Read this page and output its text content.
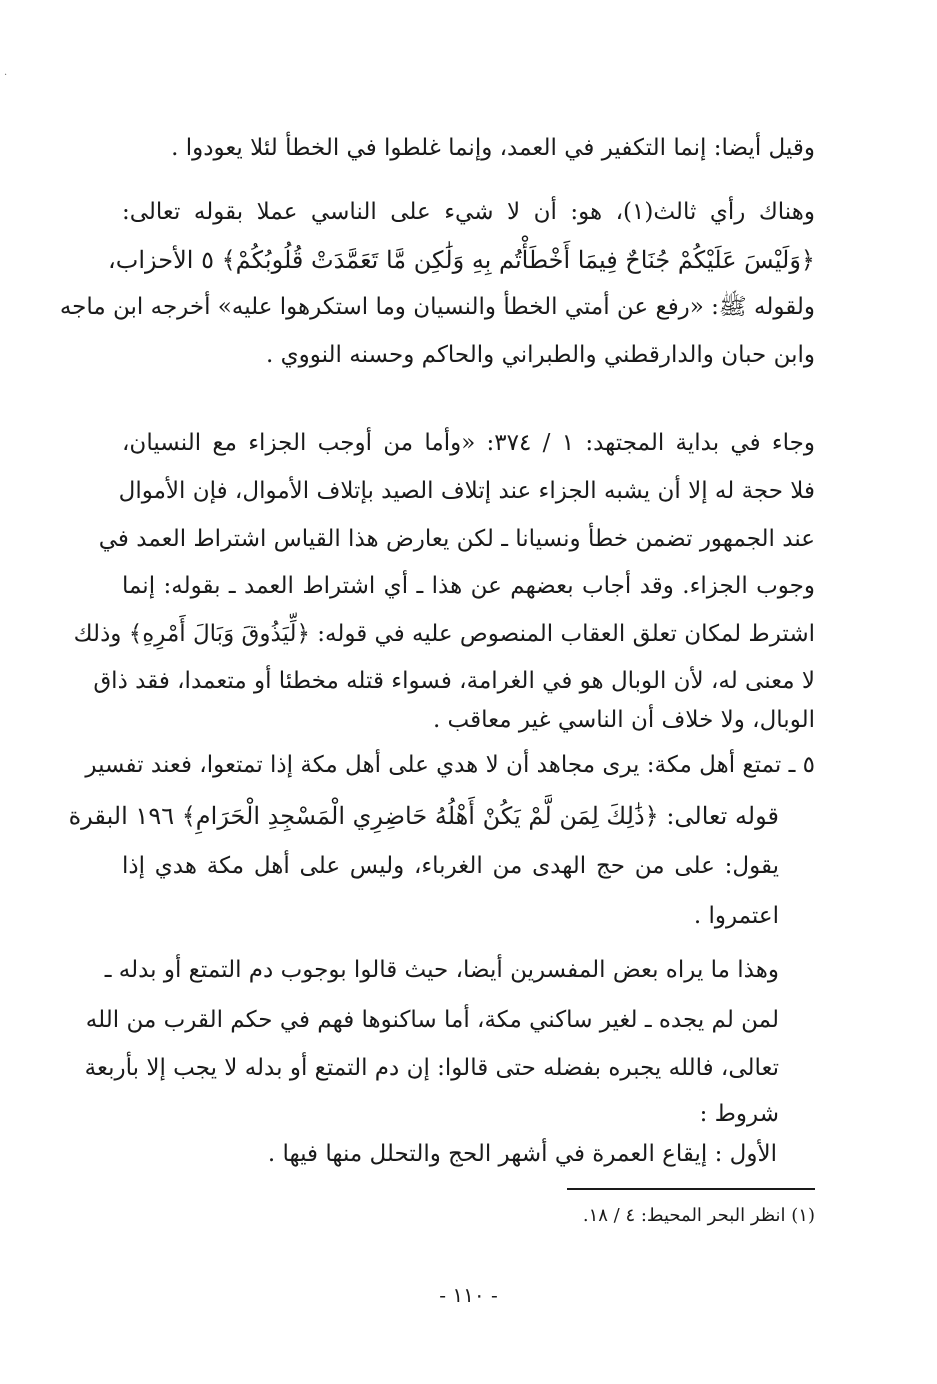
·
وقيل أيضا: إنما التكفير في العمد، وإنما غلطوا في الخطأ لئلا يعودوا .
وهناك رأي ثالث(١)، هو: أن لا شيء على الناسي عملا بقوله تعالى:
﴿وَلَيْسَ عَلَيْكُمْ جُنَاحٌ فِيمَا أَخْطَأْتُم بِهِ وَلَٰكِن مَّا تَعَمَّدَتْ قُلُوبُكُمْ﴾ ٥ الأحزاب،
ولقوله ﷺ: «رفع عن أمتي الخطأ والنسيان وما استكرهوا عليه» أخرجه ابن ماجه
وابن حبان والدارقطني والطبراني والحاكم وحسنه النووي .
وجاء في بداية المجتهد: ١ / ٣٧٤: «وأما من أوجب الجزاء مع النسيان،
فلا حجة له إلا أن يشبه الجزاء عند إتلاف الصيد بإتلاف الأموال، فإن الأموال
عند الجمهور تضمن خطأ ونسيانا ـ لكن يعارض هذا القياس اشتراط العمد في
وجوب الجزاء. وقد أجاب بعضهم عن هذا ـ أي اشتراط العمد ـ بقوله: إنما
اشترط لمكان تعلق العقاب المنصوص عليه في قوله: ﴿لِّيَذُوقَ وَبَالَ أَمْرِهِ﴾ وذلك
لا معنى له، لأن الوبال هو في الغرامة، فسواء قتله مخطئا أو متعمدا، فقد ذاق
الوبال، ولا خلاف أن الناسي غير معاقب .
٥ ـ تمتع أهل مكة: يرى مجاهد أن لا هدي على أهل مكة إذا تمتعوا، فعند تفسير
قوله تعالى: ﴿ذَٰلِكَ لِمَن لَّمْ يَكُنْ أَهْلُهُ حَاضِرِي الْمَسْجِدِ الْحَرَامِ﴾ ١٩٦ البقرة
يقول: على من حج الهدى من الغرباء، وليس على أهل مكة هدي إذا
اعتمروا .
وهذا ما يراه بعض المفسرين أيضا، حيث قالوا بوجوب دم التمتع أو بدله ـ
لمن لم يجده ـ لغير ساكني مكة، أما ساكنوها فهم في حكم القرب من الله
تعالى، فالله يجبره بفضله حتى قالوا: إن دم التمتع أو بدله لا يجب إلا بأربعة
شروط :
(١) انظر البحر المحيط: ٤ / ١٨.
- ١١٠ -
الأول : إيقاع العمرة في أشهر الحج والتحلل منها فيها .
